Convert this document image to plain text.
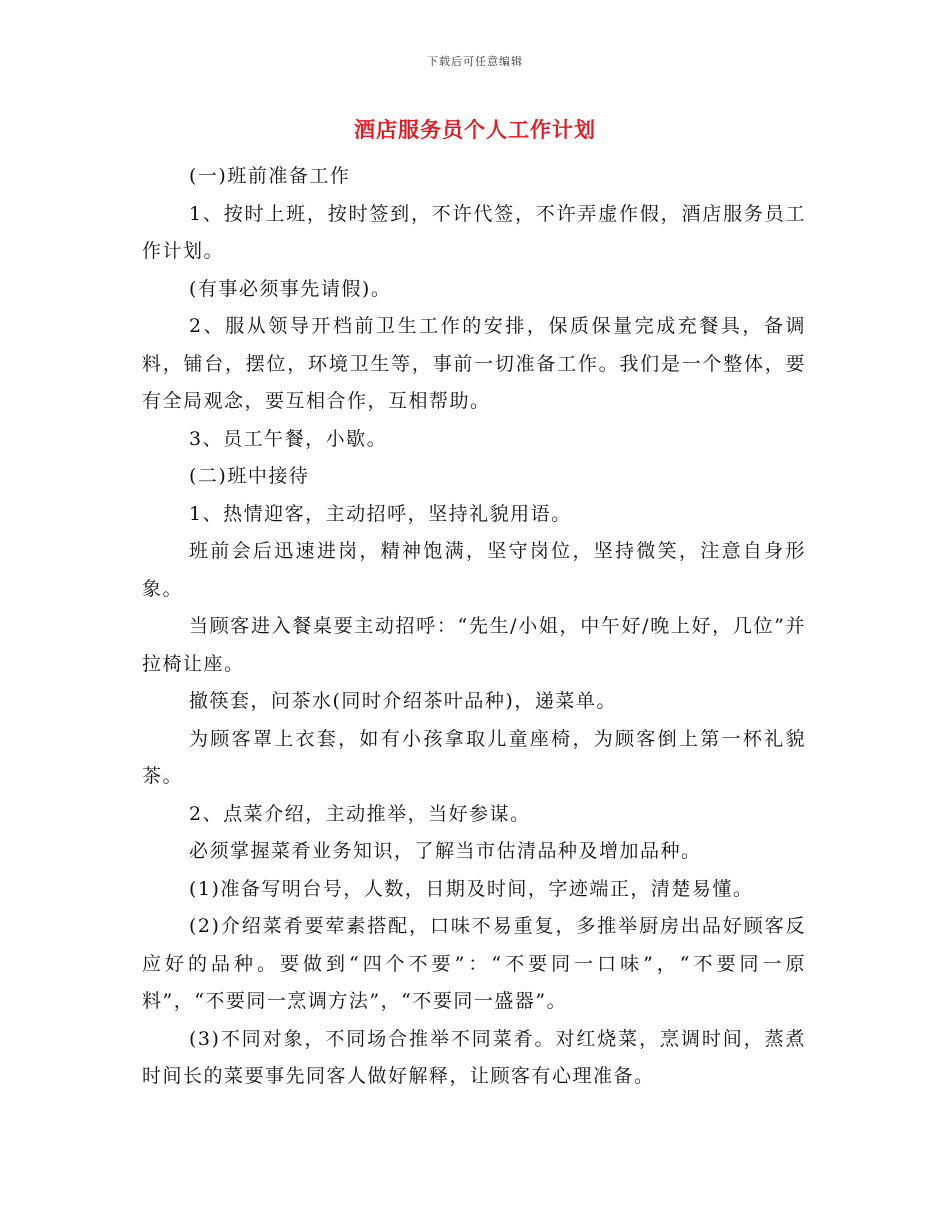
下载后可任意编辑
酒店服务员个人工作计划

(一)班前准备工作

1、按时上班，按时签到，不许代签，不许弄虚作假，酒店服务员工作计划。

(有事必须事先请假)。

2、服从领导开档前卫生工作的安排，保质保量完成充餐具，备调料，铺台，摆位，环境卫生等，事前一切准备工作。我们是一个整体，要有全局观念，要互相合作，互相帮助。

3、员工午餐，小歇。

(二)班中接待

1、热情迎客，主动招呼，坚持礼貌用语。

班前会后迅速进岗，精神饱满，坚守岗位，坚持微笑，注意自身形象。

当顾客进入餐桌要主动招呼：“先生/小姐，中午好/晚上好，几位”并拉椅让座。

撤筷套，问茶水(同时介绍茶叶品种)，递菜单。

为顾客罩上衣套，如有小孩拿取儿童座椅，为顾客倒上第一杯礼貌茶。

2、点菜介绍，主动推举，当好参谋。

必须掌握菜肴业务知识，了解当市估清品种及增加品种。

(1)准备写明台号，人数，日期及时间，字迹端正，清楚易懂。

(2)介绍菜肴要荤素搭配，口味不易重复，多推举厨房出品好顾客反应好的品种。要做到“四个不要”：“不要同一口味”，“不要同一原料”，“不要同一烹调方法”，“不要同一盛器”。

(3)不同对象，不同场合推举不同菜肴。对红烧菜，烹调时间，蒸煮时间长的菜要事先同客人做好解释，让顾客有心理准备。
